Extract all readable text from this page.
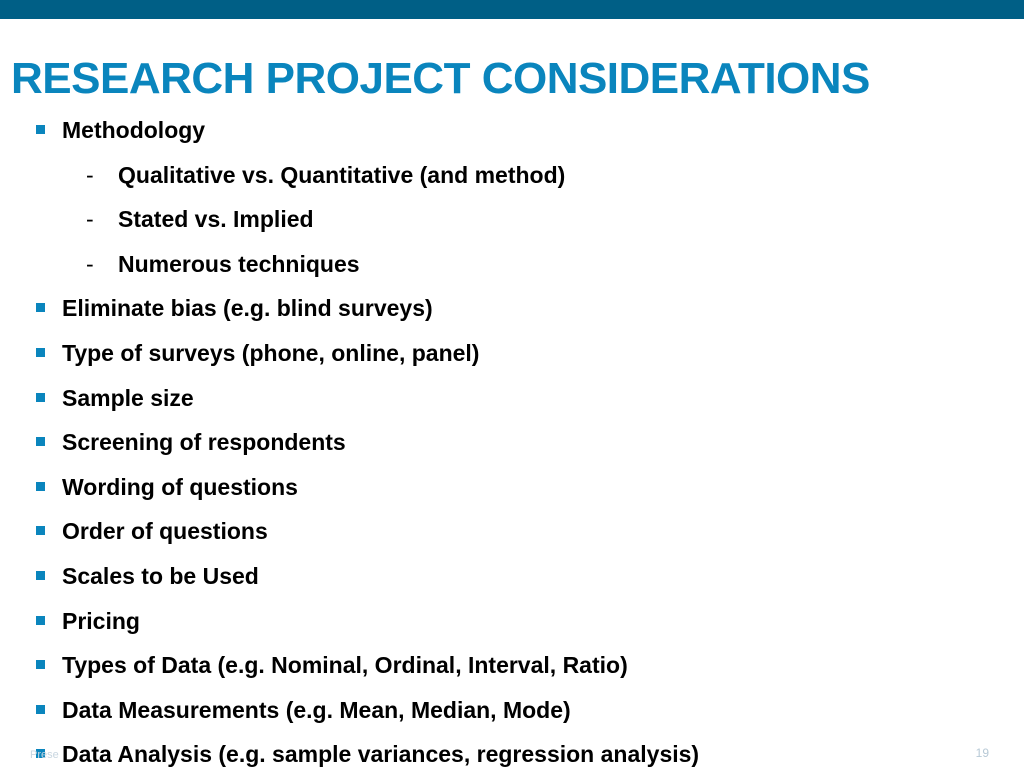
RESEARCH PROJECT CONSIDERATIONS
Methodology
- Qualitative vs. Quantitative (and method)
- Stated vs. Implied
- Numerous techniques
Eliminate bias (e.g. blind surveys)
Type of surveys (phone, online, panel)
Sample size
Screening of respondents
Wording of questions
Order of questions
Scales to be Used
Pricing
Types of Data (e.g. Nominal, Ordinal, Interval, Ratio)
Data Measurements (e.g. Mean, Median, Mode)
Data Analysis (e.g. sample variances, regression analysis)
Prese	19
